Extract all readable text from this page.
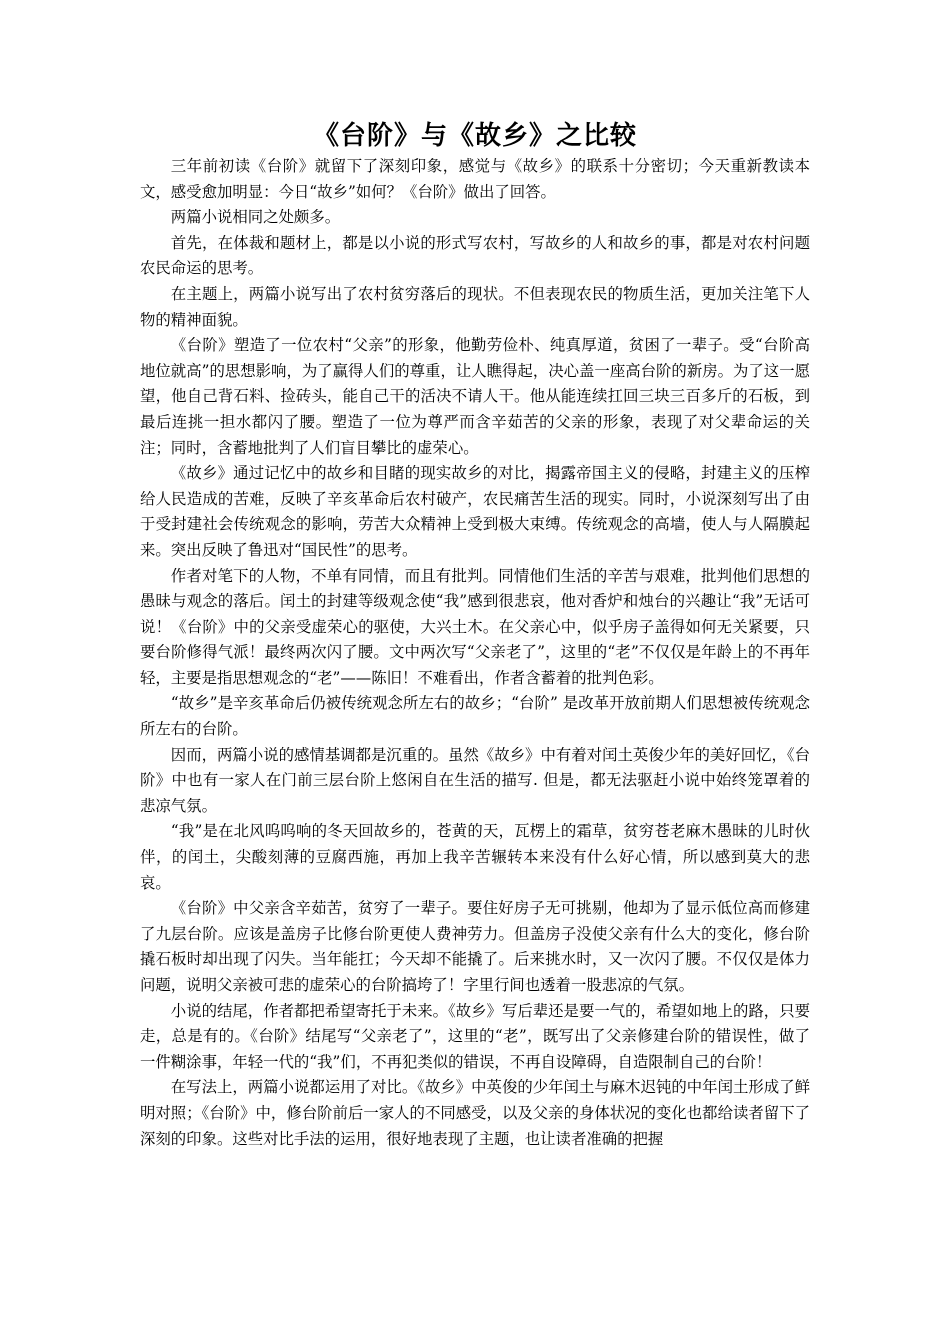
《台阶》与《故乡》之比较

三年前初读《台阶》就留下了深刻印象，感觉与《故乡》的联系十分密切；今天重新教读本文，感受愈加明显：今日“故乡”如何？《台阶》做出了回答。

两篇小说相同之处颇多。

首先，在体裁和题材上，都是以小说的形式写农村，写故乡的人和故乡的事，都是对农村问题农民命运的思考。

在主题上，两篇小说写出了农村贫穷落后的现状。不但表现农民的物质生活，更加关注笔下人物的精神面貌。

《台阶》塑造了一位农村“父亲”的形象，他勤劳俭朴、纯真厚道，贫困了一辈子。受“台阶高地位就高”的思想影响，为了赢得人们的尊重，让人瞧得起，决心盖一座高台阶的新房。为了这一愿望，他自己背石料、捡砖头，能自己干的活决不请人干。他从能连续扛回三块三百多斤的石板，到最后连挑一担水都闪了腰。塑造了一位为尊严而含辛茹苦的父亲的形象，表现了对父辈命运的关注；同时，含蓄地批判了人们盲目攀比的虚荣心。

《故乡》通过记忆中的故乡和目睹的现实故乡的对比，揭露帝国主义的侵略，封建主义的压榨给人民造成的苦难，反映了辛亥革命后农村破产，农民痛苦生活的现实。同时，小说深刻写出了由于受封建社会传统观念的影响，劳苦大众精神上受到极大束缚。传统观念的高墙，使人与人隔膜起来。突出反映了鲁迅对“国民性”的思考。

作者对笔下的人物，不单有同情，而且有批判。同情他们生活的辛苦与艰难，批判他们思想的愚昧与观念的落后。闰土的封建等级观念使“我”感到很悲哀，他对香炉和烛台的兴趣让“我”无话可说！《台阶》中的父亲受虚荣心的驱使，大兴土木。在父亲心中，似乎房子盖得如何无关紧要，只要台阶修得气派！最终两次闪了腰。文中两次写“父亲老了”，这里的“老”不仅仅是年龄上的不再年轻，主要是指思想观念的“老”——陈旧！不难看出，作者含蓄着的批判色彩。

“故乡”是辛亥革命后仍被传统观念所左右的故乡；“台阶” 是改革开放前期人们思想被传统观念所左右的台阶。

因而，两篇小说的感情基调都是沉重的。虽然《故乡》中有着对闰土英俊少年的美好回忆，《台阶》中也有一家人在门前三层台阶上悠闲自在生活的描写. 但是，都无法驱赶小说中始终笼罩着的悲凉气氛。

“我”是在北风呜呜响的冬天回故乡的，苍黄的天，瓦楞上的霜草，贫穷苍老麻木愚昧的儿时伙伴，的闰土，尖酸刻薄的豆腐西施，再加上我辛苦辗转本来没有什么好心情，所以感到莫大的悲哀。

《台阶》中父亲含辛茹苦，贫穷了一辈子。要住好房子无可挑剔，他却为了显示低位高而修建了九层台阶。应该是盖房子比修台阶更使人费神劳力。但盖房子没使父亲有什么大的变化，修台阶撬石板时却出现了闪失。当年能扛；今天却不能撬了。后来挑水时，又一次闪了腰。不仅仅是体力问题，说明父亲被可悲的虚荣心的台阶搞垮了！字里行间也透着一股悲凉的气氛。

小说的结尾，作者都把希望寄托于未来。《故乡》写后辈还是要一气的，希望如地上的路，只要走，总是有的。《台阶》结尾写“父亲老了”，这里的“老”，既写出了父亲修建台阶的错误性，做了一件糊涂事，年轻一代的“我”们，不再犯类似的错误，不再自设障碍，自造限制自己的台阶！

在写法上，两篇小说都运用了对比。《故乡》中英俊的少年闰土与麻木迟钝的中年闰土形成了鲜明对照；《台阶》中，修台阶前后一家人的不同感受，以及父亲的身体状况的变化也都给读者留下了深刻的印象。这些对比手法的运用，很好地表现了主题，也让读者准确的把握
